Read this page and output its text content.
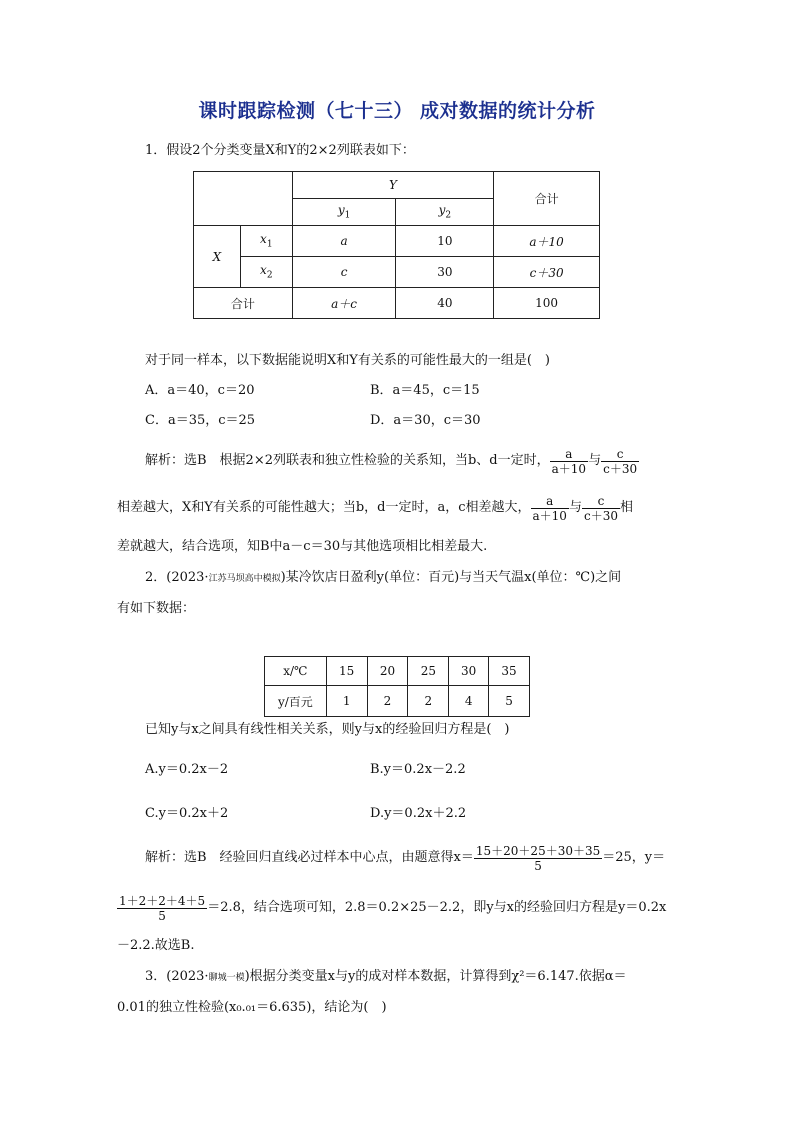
课时跟踪检测（七十三） 成对数据的统计分析
1．假设2个分类变量X和Y的2×2列联表如下：
		Y		合计
		$y_1$	$y_2$
X	$x_1$	a	10	a＋10
	$x_2$	c	30	c＋30
合计		a＋c	40	100
对于同一样本，以下数据能说明X和Y有关系的可能性最大的一组是(　)
A．a＝40，c＝20	B．a＝45，c＝15
C．a＝35，c＝25	D．a＝30，c＝30
解析：选B　根据2×2列联表和独立性检验的关系知，当b、d一定时， $\frac{a}{a+10}$ 与 $\frac{c}{c+30}$
相差越大，X和Y有关系的可能性越大；当b，d一定时，a，c相差越大， $\frac{a}{a+10}$ 与 $\frac{c}{c+30}$ 相
差就越大，结合选项，知B中a－c＝30与其他选项相比相差最大.
2．(2023·江苏马坝高中模拟)某冷饮店日盈利y(单位：百元)与当天气温x(单位：℃)之间
有如下数据：
x/℃	15	20	25	30	35
y/百元	1	2	2	4	5
已知y与x之间具有线性相关关系，则y与x的经验回归方程是(　)
A.y＝0.2x－2	B.y＝0.2x－2.2
C.y＝0.2x＋2	D.y＝0.2x＋2.2
解析：选B　经验回归直线必过样本中心点，由题意得$x= \frac{15+20+25+30+35}{5} =25$，y＝
$\frac{1+2+2+4+5}{5} =2.8$，结合选项可知，2.8＝0.2×25－2.2，即y与x的经验回归方程是y＝0.2x
－2.2.故选B.
3．(2023·聊城一模)根据分类变量x与y的成对样本数据，计算得到χ²＝6.147.依据α＝
0.01的独立性检验(x₀.₀₁＝6.635)，结论为(　)
